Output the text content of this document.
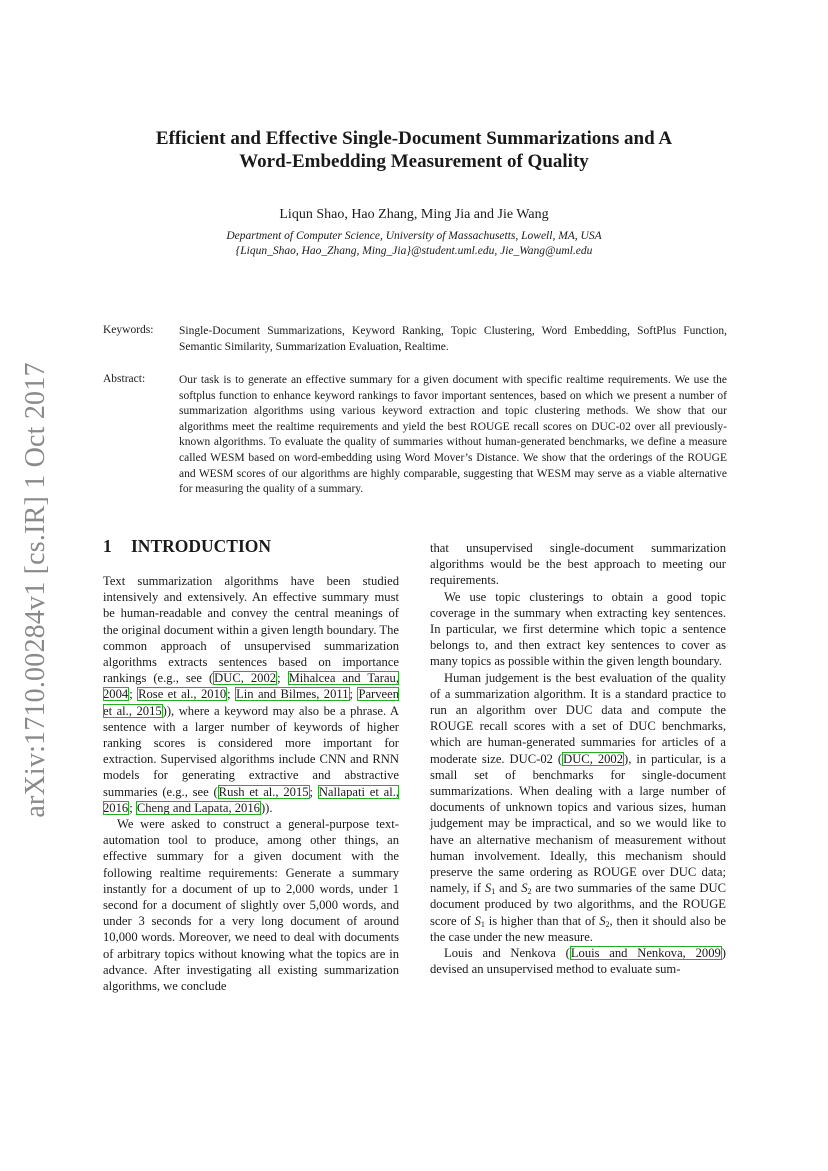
arXiv:1710.00284v1 [cs.IR] 1 Oct 2017
Efficient and Effective Single-Document Summarizations and A
Word-Embedding Measurement of Quality
Liqun Shao, Hao Zhang, Ming Jia and Jie Wang
Department of Computer Science, University of Massachusetts, Lowell, MA, USA
{Liqun_Shao, Hao_Zhang, Ming_Jia}@student.uml.edu, Jie_Wang@uml.edu
Keywords: Single-Document Summarizations, Keyword Ranking, Topic Clustering, Word Embedding, SoftPlus Function, Semantic Similarity, Summarization Evaluation, Realtime.
Abstract:	Our task is to generate an effective summary for a given document with specific realtime requirements. We use the softplus function to enhance keyword rankings to favor important sentences, based on which we present a number of summarization algorithms using various keyword extraction and topic clustering methods. We show that our algorithms meet the realtime requirements and yield the best ROUGE recall scores on DUC-02 over all previously-known algorithms. To evaluate the quality of summaries without human-generated benchmarks, we define a measure called WESM based on word-embedding using Word Mover’s Distance. We show that the orderings of the ROUGE and WESM scores of our algorithms are highly comparable, suggesting that WESM may serve as a viable alternative for measuring the quality of a summary.
1 INTRODUCTION

Text summarization algorithms have been studied intensively and extensively. An effective summary must be human-readable and convey the central meanings of the original document within a given length boundary. The common approach of unsupervised summarization algorithms extracts sentences based on importance rankings (e.g., see (DUC, 2002; Mihalcea and Tarau, 2004; Rose et al., 2010; Lin and Bilmes, 2011; Parveen et al., 2015)), where a keyword may also be a phrase. A sentence with a larger number of keywords of higher ranking scores is considered more important for extraction. Supervised algorithms include CNN and RNN models for generating extractive and abstractive summaries (e.g., see (Rush et al., 2015; Nallapati et al., 2016; Cheng and Lapata, 2016)).

We were asked to construct a general-purpose text-automation tool to produce, among other things, an effective summary for a given document with the following realtime requirements: Generate a summary instantly for a document of up to 2,000 words, under 1 second for a document of slightly over 5,000 words, and under 3 seconds for a very long document of around 10,000 words. Moreover, we need to deal with documents of arbitrary topics without knowing what the topics are in advance. After investigating all existing summarization algorithms, we conclude

that unsupervised single-document summarization algorithms would be the best approach to meeting our requirements.

We use topic clusterings to obtain a good topic coverage in the summary when extracting key sentences. In particular, we first determine which topic a sentence belongs to, and then extract key sentences to cover as many topics as possible within the given length boundary.

Human judgement is the best evaluation of the quality of a summarization algorithm. It is a standard practice to run an algorithm over DUC data and compute the ROUGE recall scores with a set of DUC benchmarks, which are human-generated summaries for articles of a moderate size. DUC-02 (DUC, 2002), in particular, is a small set of benchmarks for single-document summarizations. When dealing with a large number of documents of unknown topics and various sizes, human judgement may be impractical, and so we would like to have an alternative mechanism of measurement without human involvement. Ideally, this mechanism should preserve the same ordering as ROUGE over DUC data; namely, if $S_1$ and $S_2$ are two summaries of the same DUC document produced by two algorithms, and the ROUGE score of $S_1$ is higher than that of $S_2$, then it should also be the case under the new measure.

Louis and Nenkova (Louis and Nenkova, 2009) devised an unsupervised method to evaluate sum-
